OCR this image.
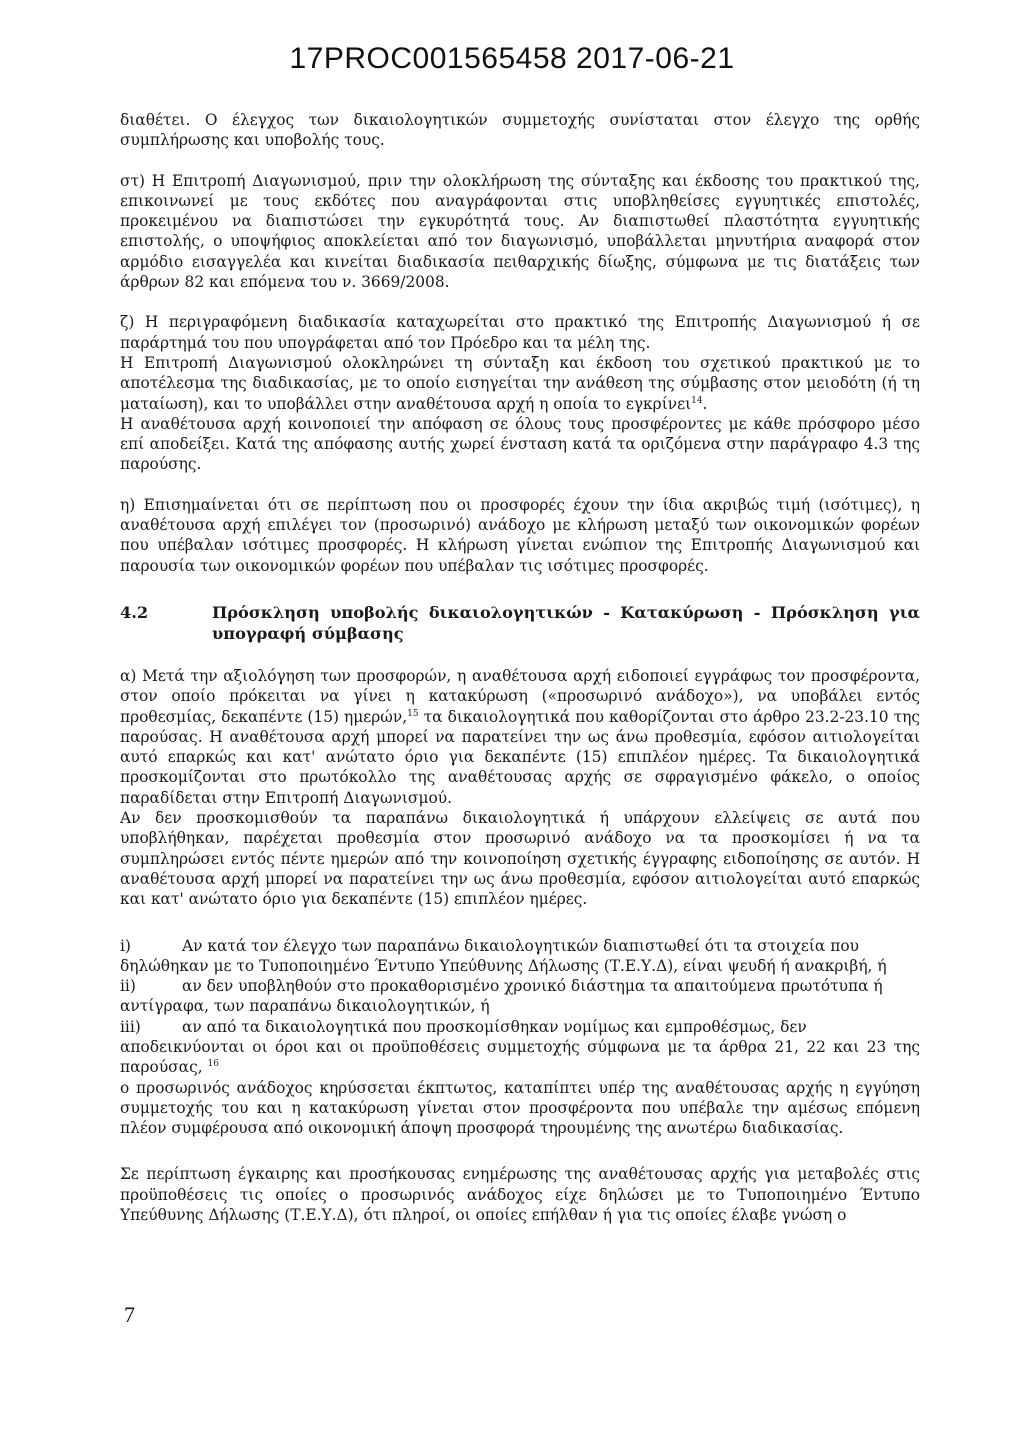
17PROC001565458 2017-06-21

διαθέτει. Ο έλεγχος των δικαιολογητικών συμμετοχής συνίσταται στον έλεγχο της ορθής συμπλήρωσης και υποβολής τους.

στ) Η Επιτροπή Διαγωνισμού, πριν την ολοκλήρωση της σύνταξης και έκδοσης του πρακτικού της, επικοινωνεί με τους εκδότες που αναγράφονται στις υποβληθείσες εγγυητικές επιστολές, προκειμένου να διαπιστώσει την εγκυρότητά τους. Αν διαπιστωθεί πλαστότητα εγγυητικής επιστολής, ο υποψήφιος αποκλείεται από τον διαγωνισμό, υποβάλλεται μηνυτήρια αναφορά στον αρμόδιο εισαγγελέα και κινείται διαδικασία πειθαρχικής δίωξης, σύμφωνα με τις διατάξεις των άρθρων 82 και επόμενα του ν. 3669/2008.

ζ) Η περιγραφόμενη διαδικασία καταχωρείται στο πρακτικό της Επιτροπής Διαγωνισμού ή σε παράρτημά του που υπογράφεται από τον Πρόεδρο και τα μέλη της.

Η Επιτροπή Διαγωνισμού ολοκληρώνει τη σύνταξη και έκδοση του σχετικού πρακτικού με το αποτέλεσμα της διαδικασίας, με το οποίο εισηγείται την ανάθεση της σύμβασης στον μειοδότη (ή τη ματαίωση), και το υποβάλλει στην αναθέτουσα αρχή η οποία το εγκρίνει$^{14}$.

Η αναθέτουσα αρχή κοινοποιεί την απόφαση σε όλους τους προσφέροντες με κάθε πρόσφορο μέσο επί αποδείξει. Κατά της απόφασης αυτής χωρεί ένσταση κατά τα οριζόμενα στην παράγραφο 4.3 της παρούσης.

η) Επισημαίνεται ότι σε περίπτωση που οι προσφορές έχουν την ίδια ακριβώς τιμή (ισότιμες), η αναθέτουσα αρχή επιλέγει τον (προσωρινό) ανάδοχο με κλήρωση μεταξύ των οικονομικών φορέων που υπέβαλαν ισότιμες προσφορές. Η κλήρωση γίνεται ενώπιον της Επιτροπής Διαγωνισμού και παρουσία των οικονομικών φορέων που υπέβαλαν τις ισότιμες προσφορές.

4.2	Πρόσκληση υποβολής δικαιολογητικών - Κατακύρωση - Πρόσκληση για υπογραφή σύμβασης

α) Μετά την αξιολόγηση των προσφορών, η αναθέτουσα αρχή ειδοποιεί εγγράφως τον προσφέροντα, στον οποίο πρόκειται να γίνει η κατακύρωση («προσωρινό ανάδοχο»), να υποβάλει εντός προθεσμίας, δεκαπέντε (15) ημερών,$^{15}$ τα δικαιολογητικά που καθορίζονται στο άρθρο 23.2-23.10 της παρούσας. Η αναθέτουσα αρχή μπορεί να παρατείνει την ως άνω προθεσμία, εφόσον αιτιολογείται αυτό επαρκώς και κατ' ανώτατο όριο για δεκαπέντε (15) επιπλέον ημέρες. Τα δικαιολογητικά προσκομίζονται στο πρωτόκολλο της αναθέτουσας αρχής σε σφραγισμένο φάκελο, ο οποίος παραδίδεται στην Επιτροπή Διαγωνισμού.

Αν δεν προσκομισθούν τα παραπάνω δικαιολογητικά ή υπάρχουν ελλείψεις σε αυτά που υποβλήθηκαν, παρέχεται προθεσμία στον προσωρινό ανάδοχο να τα προσκομίσει ή να τα συμπληρώσει εντός πέντε ημερών από την κοινοποίηση σχετικής έγγραφης ειδοποίησης σε αυτόν. Η αναθέτουσα αρχή μπορεί να παρατείνει την ως άνω προθεσμία, εφόσον αιτιολογείται αυτό επαρκώς και κατ' ανώτατο όριο για δεκαπέντε (15) επιπλέον ημέρες.

i)	Αν κατά τον έλεγχο των παραπάνω δικαιολογητικών διαπιστωθεί ότι τα στοιχεία που

δηλώθηκαν με το Τυποποιημένο Έντυπο Υπεύθυνης Δήλωσης (Τ.Ε.Υ.Δ), είναι ψευδή ή ανακριβή, ή

ii)	αν δεν υποβληθούν στο προκαθορισμένο χρονικό διάστημα τα απαιτούμενα πρωτότυπα ή

αντίγραφα, των παραπάνω δικαιολογητικών, ή

iii)	αν από τα δικαιολογητικά που προσκομίσθηκαν νομίμως και εμπροθέσμως, δεν

αποδεικνύονται οι όροι και οι προϋποθέσεις συμμετοχής σύμφωνα με τα άρθρα 21, 22 και 23 της παρούσας, $^{16}$

ο προσωρινός ανάδοχος κηρύσσεται έκπτωτος, καταπίπτει υπέρ της αναθέτουσας αρχής η εγγύηση συμμετοχής του και η κατακύρωση γίνεται στον προσφέροντα που υπέβαλε την αμέσως επόμενη πλέον συμφέρουσα από οικονομική άποψη προσφορά τηρουμένης της ανωτέρω διαδικασίας.

Σε περίπτωση έγκαιρης και προσήκουσας ενημέρωσης της αναθέτουσας αρχής για μεταβολές στις προϋποθέσεις τις οποίες ο προσωρινός ανάδοχος είχε δηλώσει με το Τυποποιημένο Έντυπο Υπεύθυνης Δήλωσης (Τ.Ε.Υ.Δ), ότι πληροί, οι οποίες επήλθαν ή για τις οποίες έλαβε γνώση ο

7
